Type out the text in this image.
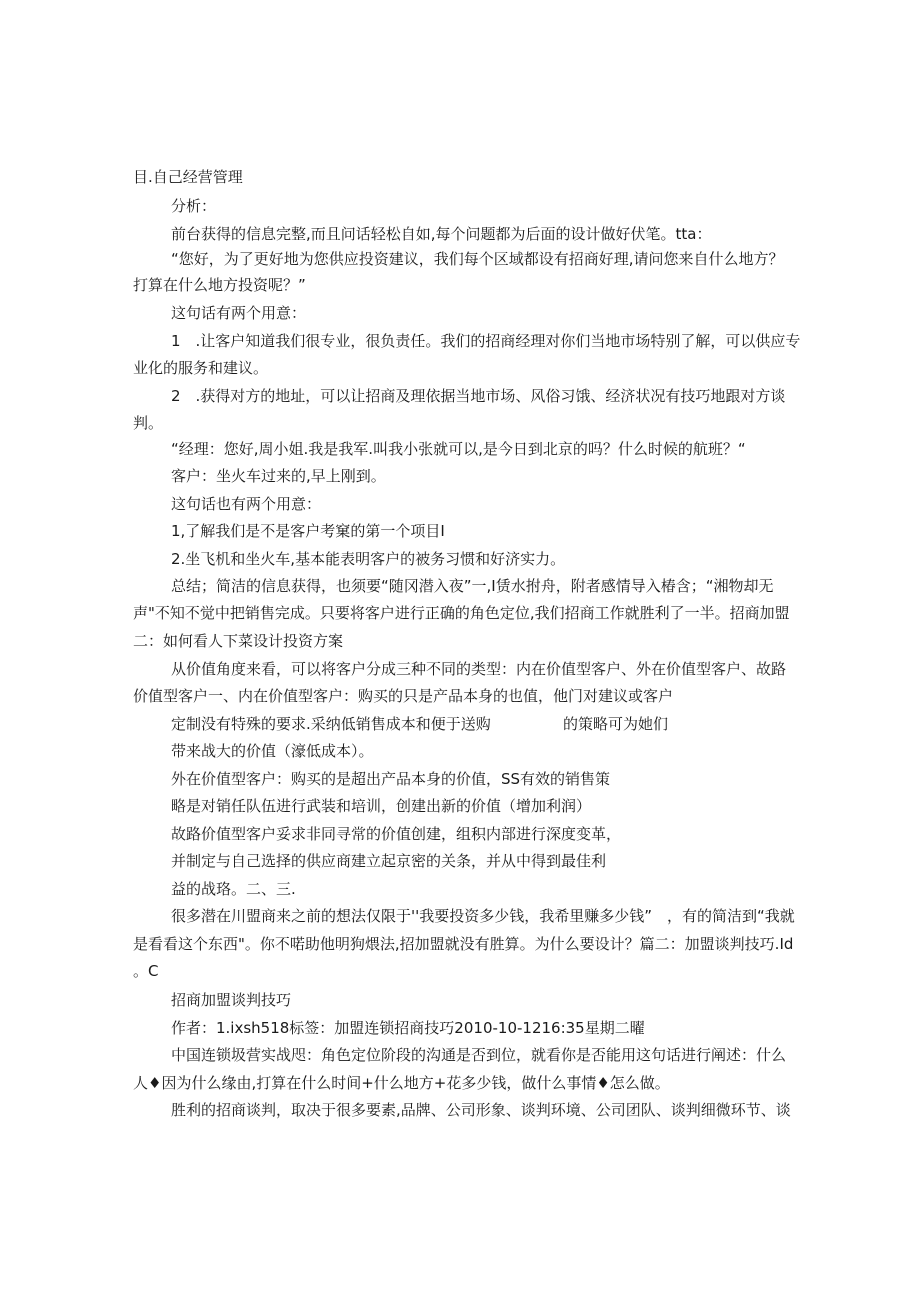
目.自己经营管理
分析：
前台获得的信息完整,而且问话轻松自如,每个问题都为后面的设计做好伏笔。tta：
“您好，为了更好地为您供应投资建议，我们每个区域都设有招商好理,请问您来自什么地方？
打算在什么地方投资呢？”
这句话有两个用意：
1　.让客户知道我们很专业，很负责任。我们的招商经理对你们当地市场特别了解，可以供应专
业化的服务和建议。
2　.获得对方的地址，可以让招商及理依据当地市场、风俗习饿、经济状况有技巧地跟对方谈
判。
“经理：您好,周小姐.我是我军.叫我小张就可以,是今日到北京的吗？什么时候的航班？“
客户：坐火车过来的,早上刚到。
这句话也有两个用意：
1,了解我们是不是客户考窠的第一个项目I
2.坐飞机和坐火车,基本能表明客户的被务习惯和好济实力。
总结；简洁的信息获得，也须要“随冈潜入夜”一,I赁水拊舟，附者感情导入椿含；“湘物却无
声"不知不觉中把销售完成。只要将客户进行正确的角色定位,我们招商工作就胜利了一半。招商加盟
二：如何看人下菜设计投资方案
从价值角度来看，可以将客户分成三种不同的类型：内在价值型客户、外在价值型客户、故路
价值型客户一、内在价值型客户：购买的只是产品本身的也值，他门对建议或客户
定制没有特殊的要求.采纳低销售成本和便于送购	的策略可为她们
带来战大的价值（濠低成本）。
外在价值型客户：购买的是超出产品本身的价值，SS有效的销售策
略是对销任队伍进行武装和培训，创建出新的价值（增加利润）
故路价值型客户妥求非同寻常的价值创建，组积内部进行深度变革，
并制定与自己选择的供应商建立起京密的关条，并从中得到最佳利
益的战珞。二、三.
很多潜在川盟商来之前的想法仅限于''我要投资多少钱，我希里赚多少钱”　，有的简洁到“我就
是看看这个东西"。你不喏助他明狗煨法,招加盟就没有胜算。为什么要设计？篇二：加盟谈判技巧.Id
。C
招商加盟谈判技巧
作者：1.ixsh518标签：加盟连锁招商技巧2010-10-1216:35星期二曜
中国连锁圾营实战咫：角色定位阶段的沟通是否到位，就看你是否能用这句话进行阐述：什么
人♦因为什么缘由,打算在什么时间+什么地方+花多少钱，做什么事情♦怎么做。
胜利的招商谈判，取决于很多要素,品牌、公司形象、谈判环境、公司团队、谈判细微环节、谈
